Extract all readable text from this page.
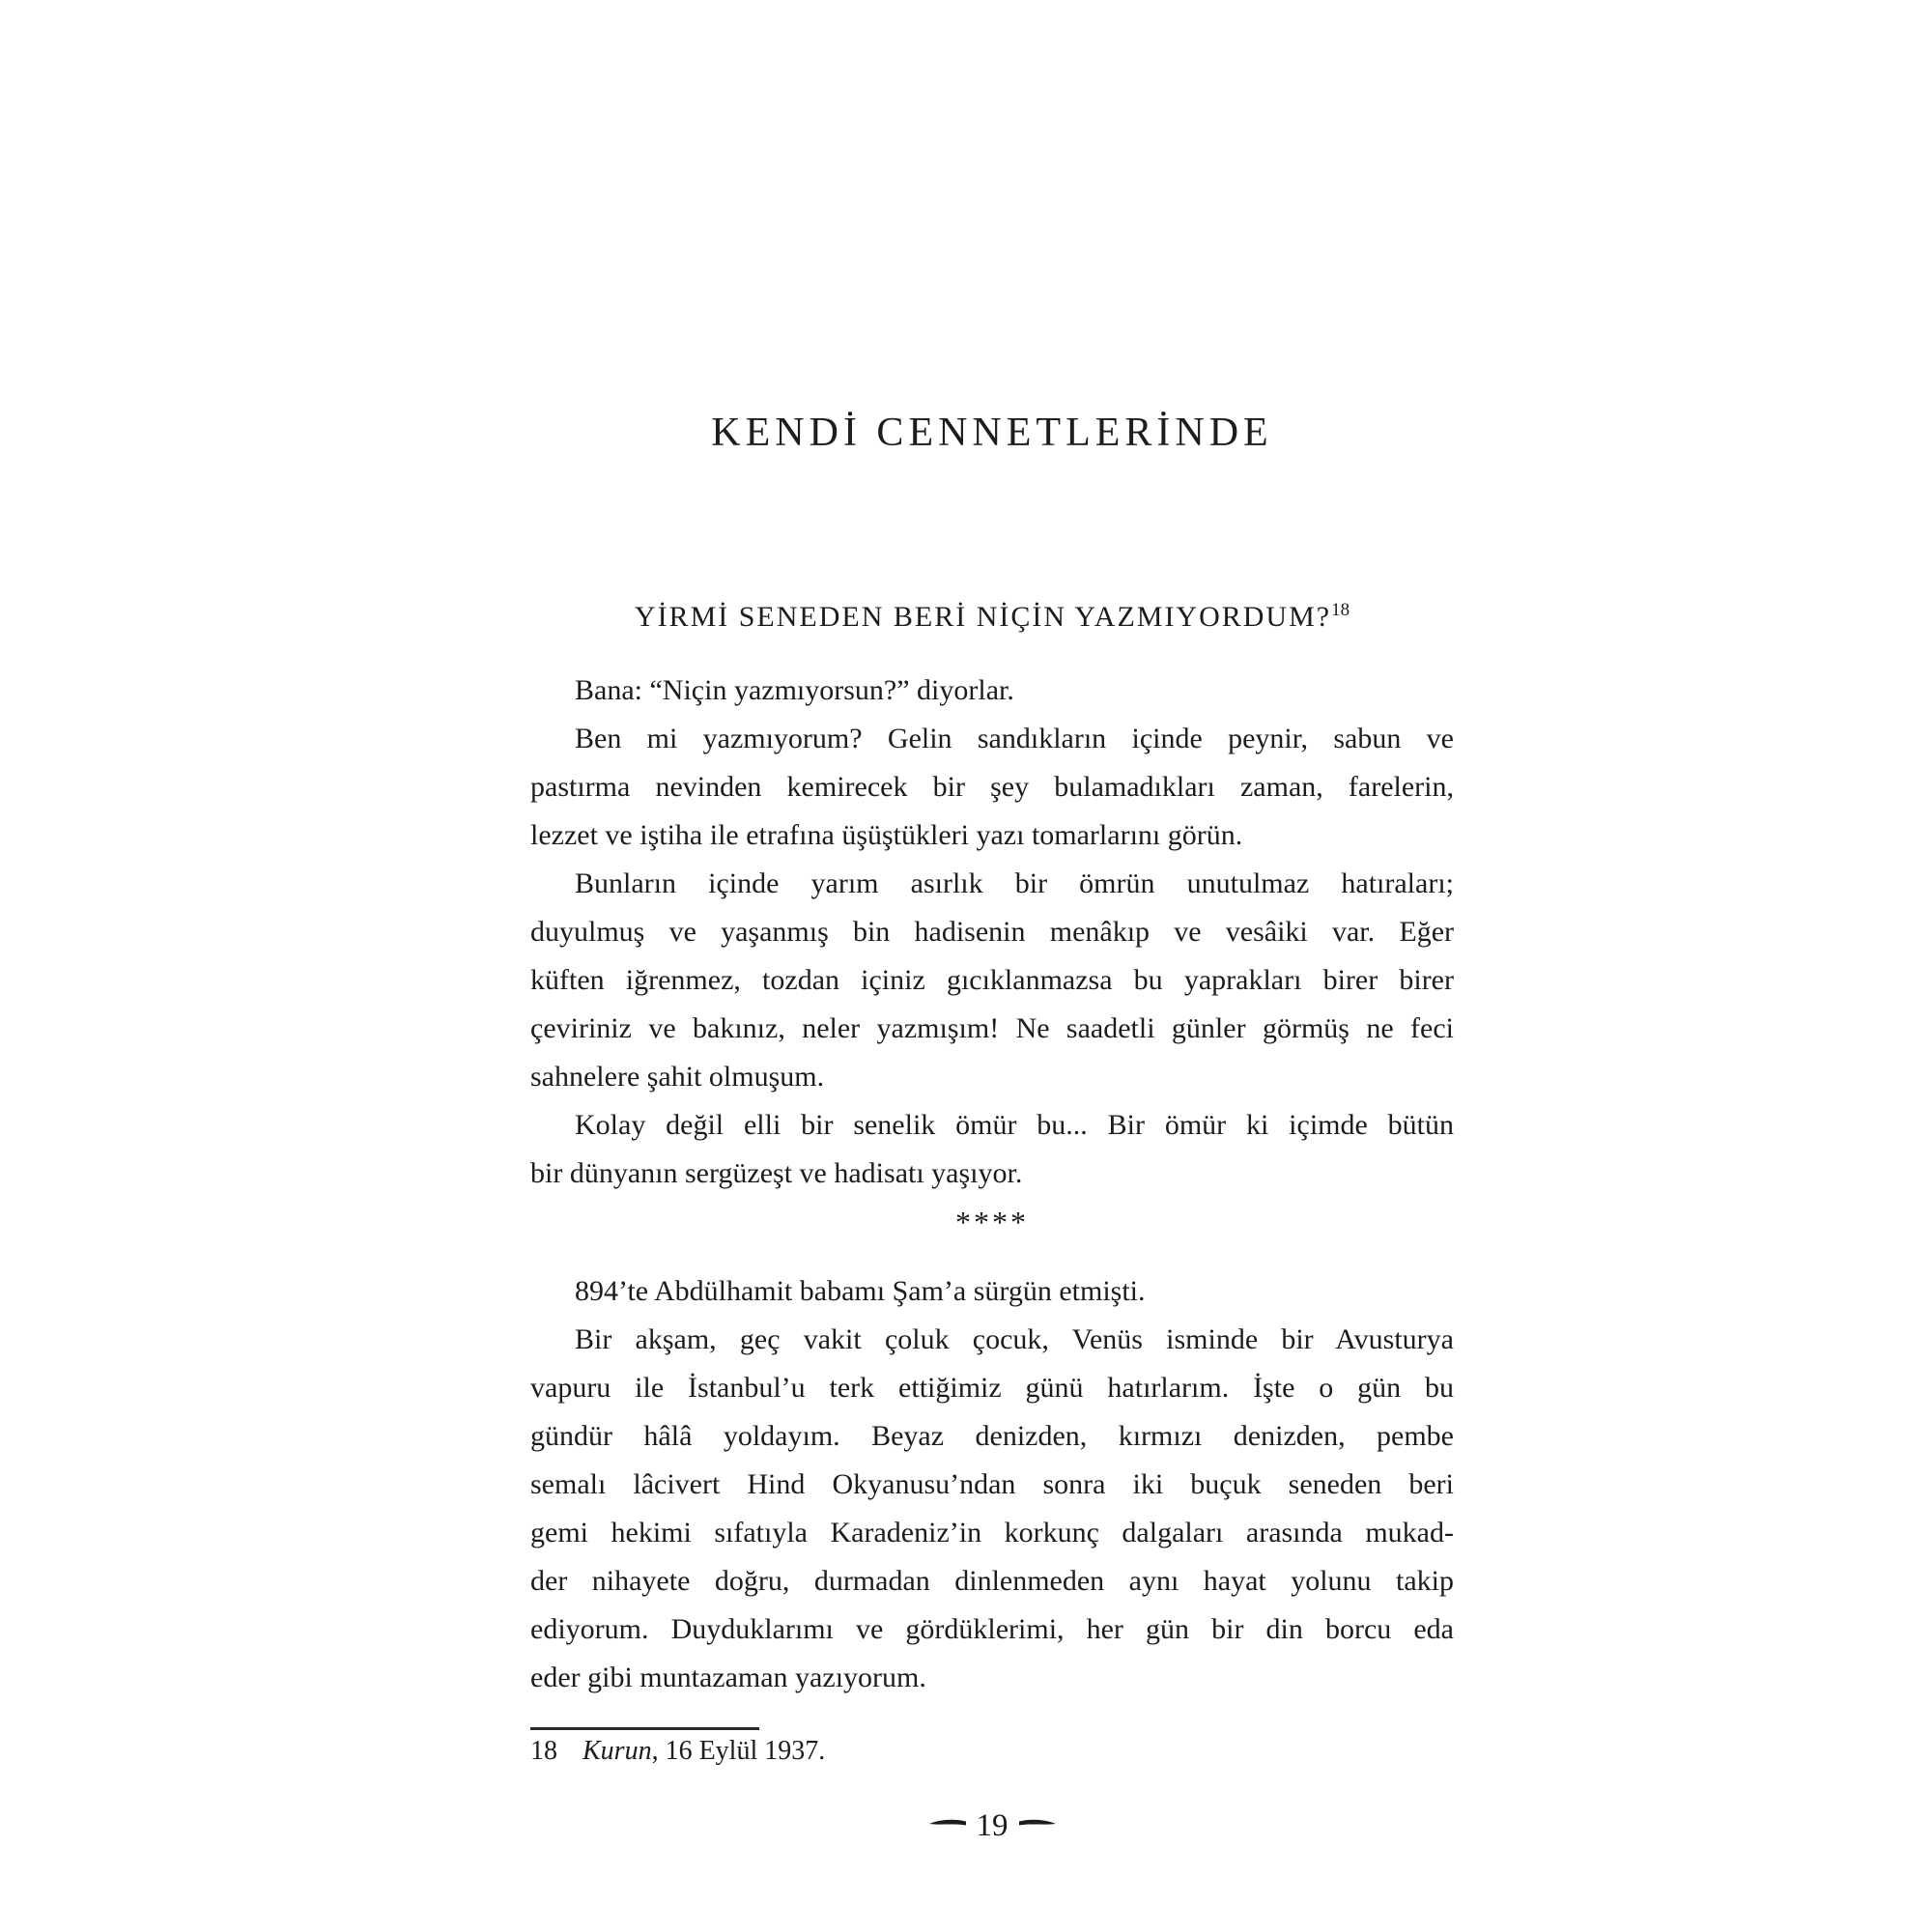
KENDİ CENNETLERİNDE
YİRMİ SENEDEN BERİ NİÇİN YAZMIYORDUM?$^{18}$
Bana: “Niçin yazmıyorsun?” diyorlar.
Ben mi yazmıyorum? Gelin sandıkların içinde peynir, sabun ve
pastırma nevinden kemirecek bir şey bulamadıkları zaman, farelerin,
lezzet ve iştiha ile etrafına üşüştükleri yazı tomarlarını görün.
Bunların içinde yarım asırlık bir ömrün unutulmaz hatıraları;
duyulmuş ve yaşanmış bin hadisenin menâkıp ve vesâiki var. Eğer
küften iğrenmez, tozdan içiniz gıcıklanmazsa bu yaprakları birer birer
çeviriniz ve bakınız, neler yazmışım! Ne saadetli günler görmüş ne feci
sahnelere şahit olmuşum.
Kolay değil elli bir senelik ömür bu... Bir ömür ki içimde bütün
bir dünyanın sergüzeşt ve hadisatı yaşıyor.
****
894’te Abdülhamit babamı Şam’a sürgün etmişti.
Bir akşam, geç vakit çoluk çocuk, Venüs isminde bir Avusturya
vapuru ile İstanbul’u terk ettiğimiz günü hatırlarım. İşte o gün bu
gündür hâlâ yoldayım. Beyaz denizden, kırmızı denizden, pembe
semalı lâcivert Hind Okyanusu’ndan sonra iki buçuk seneden beri
gemi hekimi sıfatıyla Karadeniz’in korkunç dalgaları arasında mukad-
der nihayete doğru, durmadan dinlenmeden aynı hayat yolunu takip
ediyorum. Duyduklarımı ve gördüklerimi, her gün bir din borcu eda
eder gibi muntazaman yazıyorum.
18 Kurun, 16 Eylül 1937.
19
